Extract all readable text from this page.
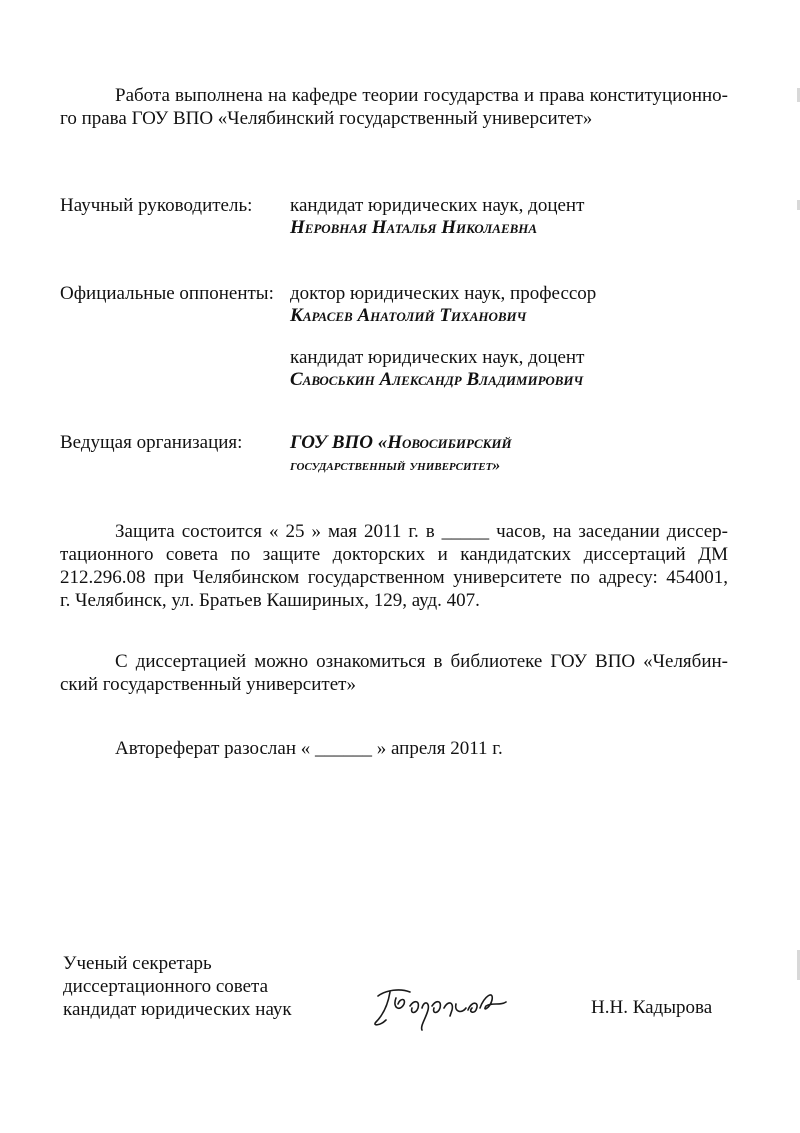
Работа выполнена на кафедре теории государства и права конституционно-
го права ГОУ ВПО «Челябинский государственный университет»
Научный руководитель: кандидат юридических наук, доцент
Неровная Наталья Николаевна
Официальные оппоненты: доктор юридических наук, профессор
Карасев Анатолий Тиханович
кандидат юридических наук, доцент
Савоськин Александр Владимирович
Ведущая организация:	ГОУ ВПО «Новосибирский
государственный университет»
Защита состоится « 25 » мая 2011 г. в _____ часов, на заседании диссер-
тационного совета по защите докторских и кандидатских диссертаций ДМ
212.296.08 при Челябинском государственном университете по адресу: 454001,
г. Челябинск, ул. Братьев Кашириных, 129, ауд. 407.
С диссертацией можно ознакомиться в библиотеке ГОУ ВПО «Челябин-
ский государственный университет»
Автореферат разослан « ______ » апреля 2011 г.
Ученый секретарь
диссертационного совета
кандидат юридических наук	Н.Н. Кадырова
